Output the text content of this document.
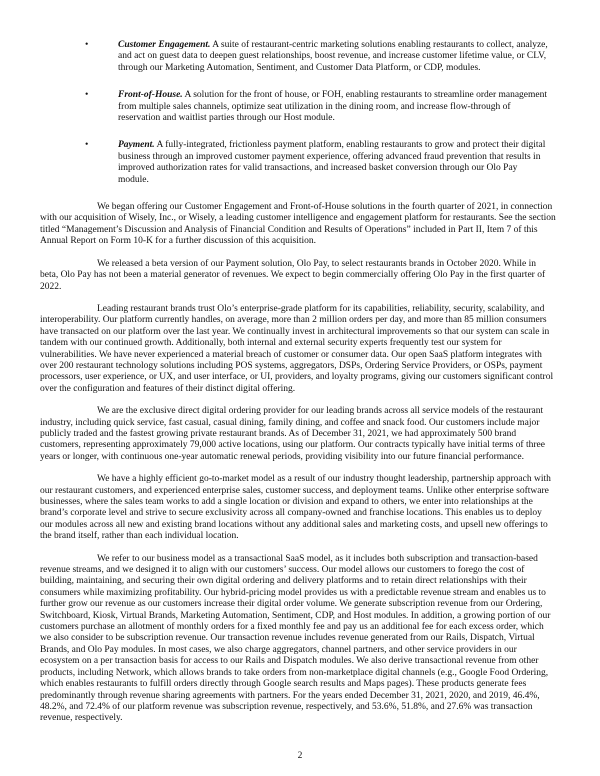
•	Customer Engagement. A suite of restaurant-centric marketing solutions enabling restaurants to collect, analyze, and act on guest data to deepen guest relationships, boost revenue, and increase customer lifetime value, or CLV, through our Marketing Automation, Sentiment, and Customer Data Platform, or CDP, modules.

•	Front-of-House. A solution for the front of house, or FOH, enabling restaurants to streamline order management from multiple sales channels, optimize seat utilization in the dining room, and increase flow-through of reservation and waitlist parties through our Host module.

•	Payment. A fully-integrated, frictionless payment platform, enabling restaurants to grow and protect their digital business through an improved customer payment experience, offering advanced fraud prevention that results in improved authorization rates for valid transactions, and increased basket conversion through our Olo Pay module.

We began offering our Customer Engagement and Front-of-House solutions in the fourth quarter of 2021, in connection with our acquisition of Wisely, Inc., or Wisely, a leading customer intelligence and engagement platform for restaurants. See the section titled “Management’s Discussion and Analysis of Financial Condition and Results of Operations” included in Part II, Item 7 of this Annual Report on Form 10-K for a further discussion of this acquisition.

We released a beta version of our Payment solution, Olo Pay, to select restaurants brands in October 2020. While in beta, Olo Pay has not been a material generator of revenues. We expect to begin commercially offering Olo Pay in the first quarter of 2022.

Leading restaurant brands trust Olo’s enterprise-grade platform for its capabilities, reliability, security, scalability, and interoperability. Our platform currently handles, on average, more than 2 million orders per day, and more than 85 million consumers have transacted on our platform over the last year. We continually invest in architectural improvements so that our system can scale in tandem with our continued growth. Additionally, both internal and external security experts frequently test our system for vulnerabilities. We have never experienced a material breach of customer or consumer data. Our open SaaS platform integrates with over 200 restaurant technology solutions including POS systems, aggregators, DSPs, Ordering Service Providers, or OSPs, payment processors, user experience, or UX, and user interface, or UI, providers, and loyalty programs, giving our customers significant control over the configuration and features of their distinct digital offering.

We are the exclusive direct digital ordering provider for our leading brands across all service models of the restaurant industry, including quick service, fast casual, casual dining, family dining, and coffee and snack food. Our customers include major publicly traded and the fastest growing private restaurant brands. As of December 31, 2021, we had approximately 500 brand customers, representing approximately 79,000 active locations, using our platform. Our contracts typically have initial terms of three years or longer, with continuous one-year automatic renewal periods, providing visibility into our future financial performance.

We have a highly efficient go-to-market model as a result of our industry thought leadership, partnership approach with our restaurant customers, and experienced enterprise sales, customer success, and deployment teams. Unlike other enterprise software businesses, where the sales team works to add a single location or division and expand to others, we enter into relationships at the brand’s corporate level and strive to secure exclusivity across all company-owned and franchise locations. This enables us to deploy our modules across all new and existing brand locations without any additional sales and marketing costs, and upsell new offerings to the brand itself, rather than each individual location.

We refer to our business model as a transactional SaaS model, as it includes both subscription and transaction-based revenue streams, and we designed it to align with our customers’ success. Our model allows our customers to forego the cost of building, maintaining, and securing their own digital ordering and delivery platforms and to retain direct relationships with their consumers while maximizing profitability. Our hybrid-pricing model provides us with a predictable revenue stream and enables us to further grow our revenue as our customers increase their digital order volume. We generate subscription revenue from our Ordering, Switchboard, Kiosk, Virtual Brands, Marketing Automation, Sentiment, CDP, and Host modules. In addition, a growing portion of our customers purchase an allotment of monthly orders for a fixed monthly fee and pay us an additional fee for each excess order, which we also consider to be subscription revenue. Our transaction revenue includes revenue generated from our Rails, Dispatch, Virtual Brands, and Olo Pay modules. In most cases, we also charge aggregators, channel partners, and other service providers in our ecosystem on a per transaction basis for access to our Rails and Dispatch modules. We also derive transactional revenue from other products, including Network, which allows brands to take orders from non-marketplace digital channels (e.g., Google Food Ordering, which enables restaurants to fulfill orders directly through Google search results and Maps pages). These products generate fees predominantly through revenue sharing agreements with partners. For the years ended December 31, 2021, 2020, and 2019, 46.4%, 48.2%, and 72.4% of our platform revenue was subscription revenue, respectively, and 53.6%, 51.8%, and 27.6% was transaction revenue, respectively.

2
